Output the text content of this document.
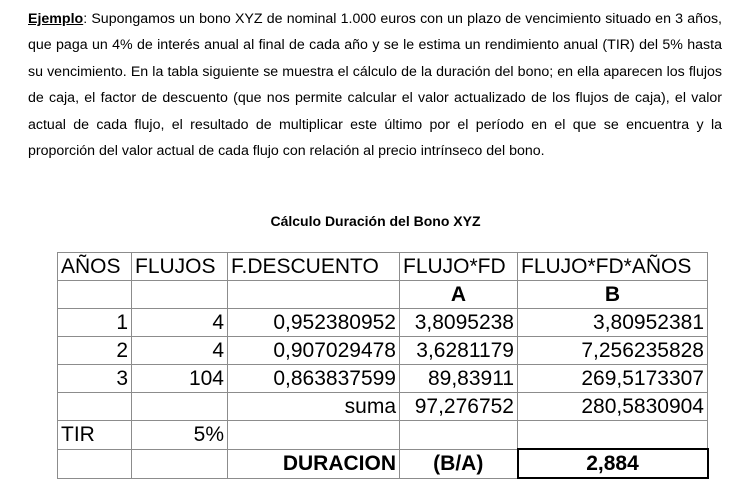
Ejemplo: Supongamos un bono XYZ de nominal 1.000 euros con un plazo de vencimiento situado en 3 años, que paga un 4% de interés anual al final de cada año y se le estima un rendimiento anual (TIR) del 5% hasta su vencimiento. En la tabla siguiente se muestra el cálculo de la duración del bono; en ella aparecen los flujos de caja, el factor de descuento (que nos permite calcular el valor actualizado de los flujos de caja), el valor actual de cada flujo, el resultado de multiplicar este último por el período en el que se encuentra y la proporción del valor actual de cada flujo con relación al precio intrínseco del bono.
Cálculo Duración del Bono XYZ
AÑOS	FLUJOS	F.DESCUENTO	FLUJO*FD	FLUJO*FD*AÑOS
			A	B
1	4	0,952380952	3,8095238	3,80952381
2	4	0,907029478	3,6281179	7,256235828
3	104	0,863837599	89,83911	269,5173307
		suma	97,276752	280,5830904
TIR	5%			
		DURACION	(B/A)	2,884
